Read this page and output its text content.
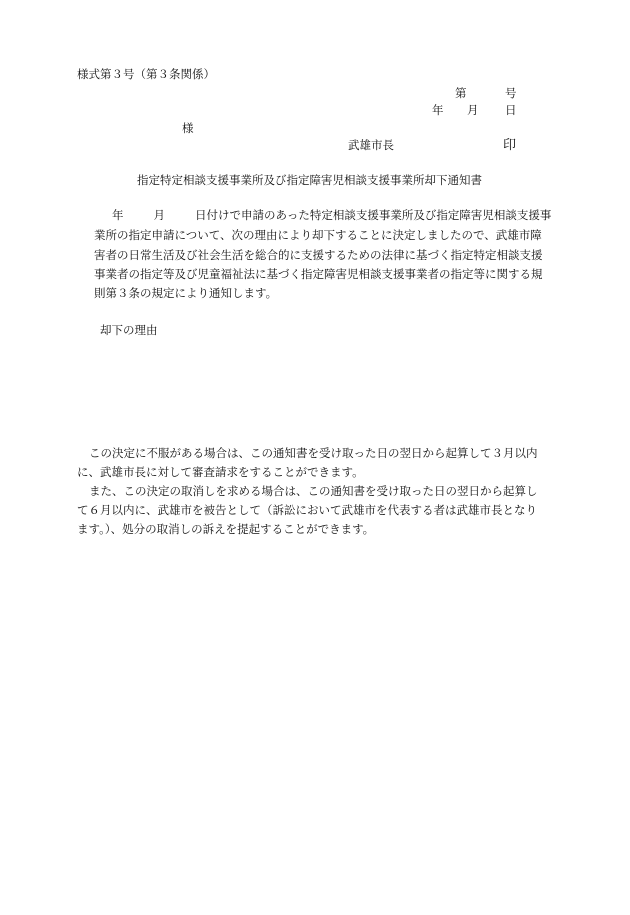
様式第３号（第３条関係）
第	号
年 月 日
様
武雄市長	印
指定特定相談支援事業所及び指定障害児相談支援事業所却下通知書
年	月	日付けで申請のあった特定相談支援事業所及び指定障害児相談支援事
業所の指定申請について、次の理由により却下することに決定しましたので、武雄市障
害者の日常生活及び社会生活を総合的に支援するための法律に基づく指定特定相談支援
事業者の指定等及び児童福祉法に基づく指定障害児相談支援事業者の指定等に関する規
則第３条の規定により通知します。
却下の理由
この決定に不服がある場合は、この通知書を受け取った日の翌日から起算して３月以内
に、武雄市長に対して審査請求をすることができます。
また、この決定の取消しを求める場合は、この通知書を受け取った日の翌日から起算し
て６月以内に、武雄市を被告として（訴訟において武雄市を代表する者は武雄市長となり
ます。）、処分の取消しの訴えを提起することができます。
